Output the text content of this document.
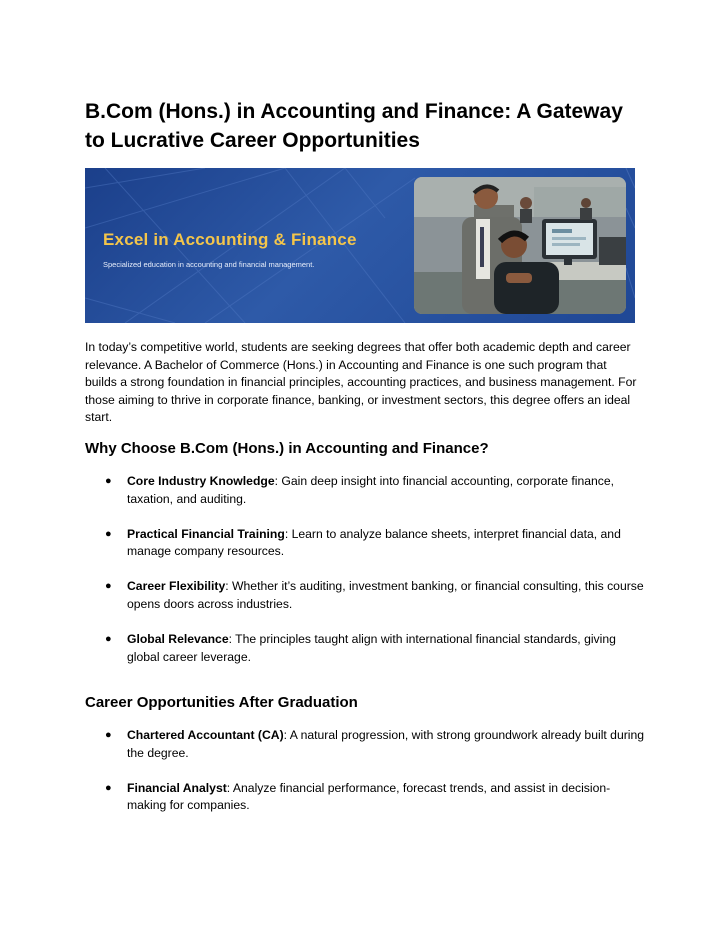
B.Com (Hons.) in Accounting and Finance: A Gateway to Lucrative Career Opportunities
Excel in Accounting & Finance
Specialized education in accounting and financial management.

In today’s competitive world, students are seeking degrees that offer both academic depth and career relevance. A Bachelor of Commerce (Hons.) in Accounting and Finance is one such program that builds a strong foundation in financial principles, accounting practices, and business management. For those aiming to thrive in corporate finance, banking, or investment sectors, this degree offers an ideal start.

Why Choose B.Com (Hons.) in Accounting and Finance?
● Core Industry Knowledge: Gain deep insight into financial accounting, corporate finance, taxation, and auditing.
● Practical Financial Training: Learn to analyze balance sheets, interpret financial data, and manage company resources.
● Career Flexibility: Whether it’s auditing, investment banking, or financial consulting, this course opens doors across industries.
● Global Relevance: The principles taught align with international financial standards, giving global career leverage.
Career Opportunities After Graduation
● Chartered Accountant (CA): A natural progression, with strong groundwork already built during the degree.
● Financial Analyst: Analyze financial performance, forecast trends, and assist in decision-making for companies.
